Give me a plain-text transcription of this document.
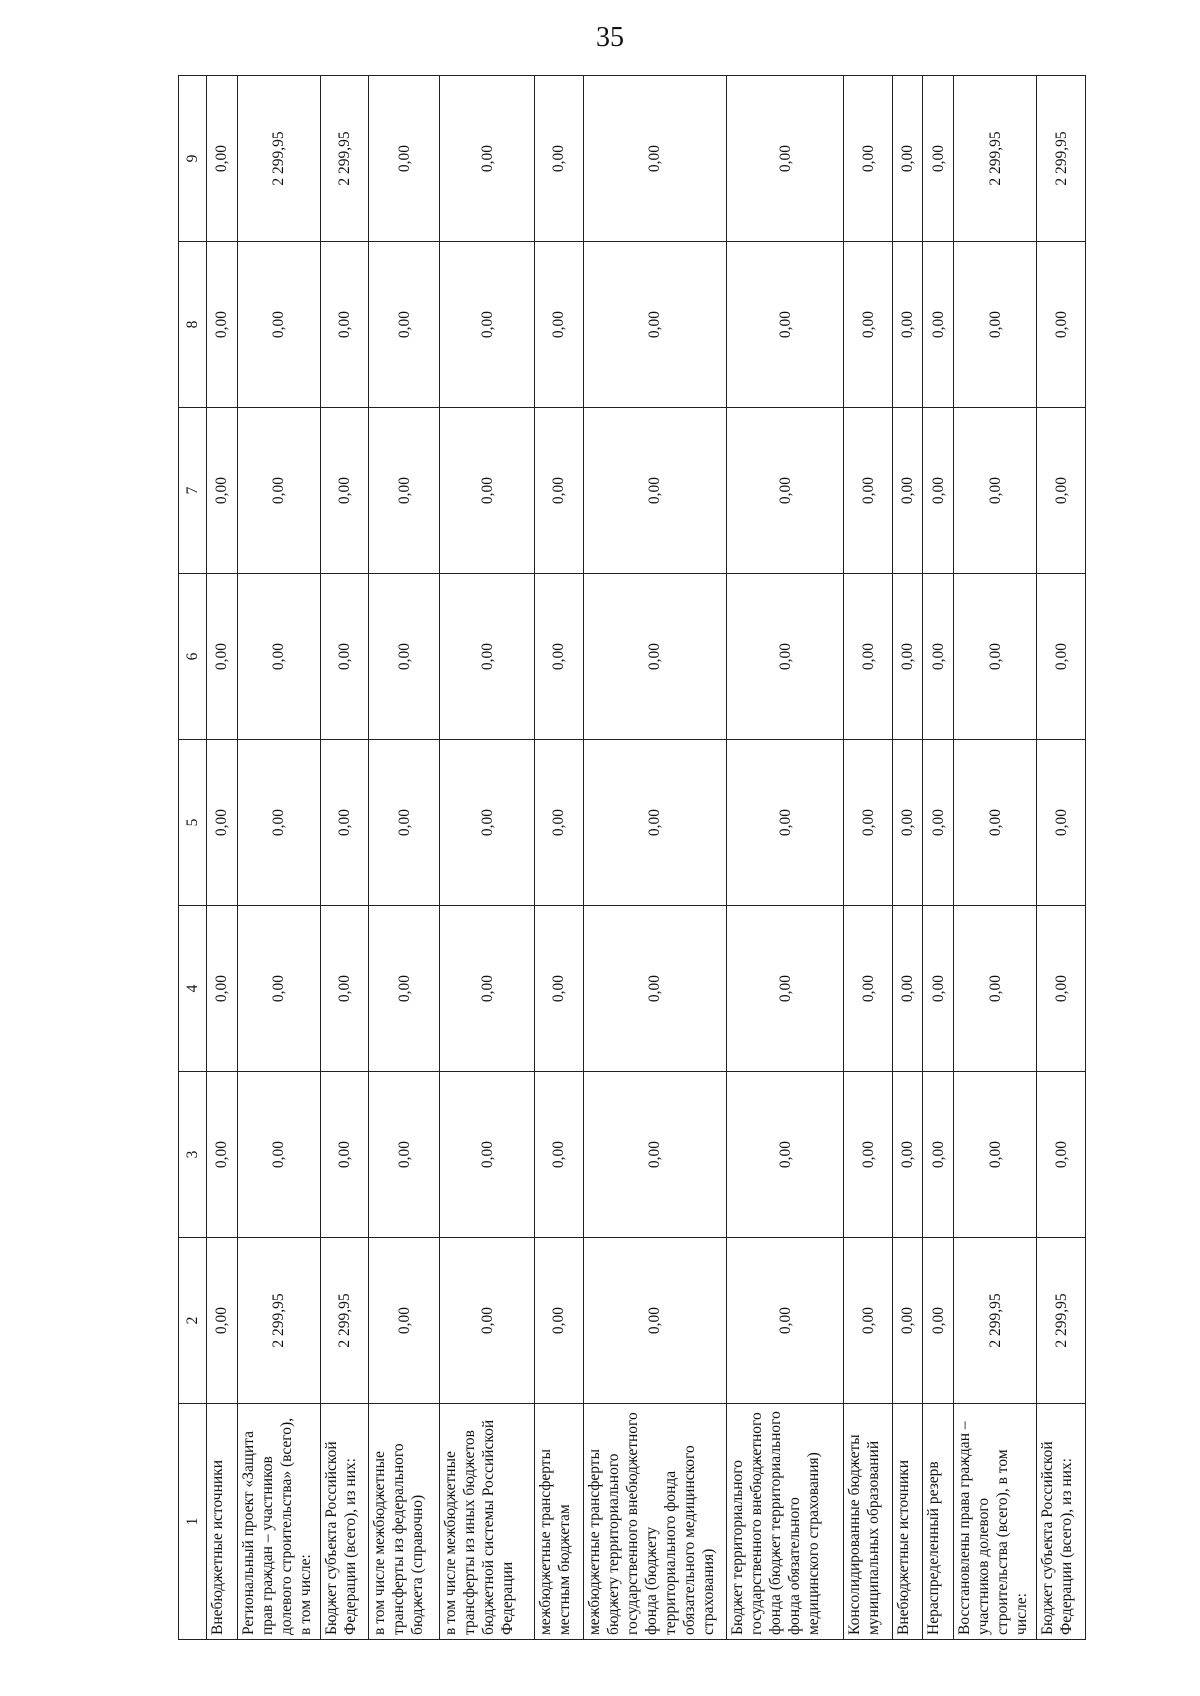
35
1	2	3	4	5	6	7	8	9
Внебюджетные источники	0,00	0,00	0,00	0,00	0,00	0,00	0,00	0,00
Региональный проект «Защита прав граждан – участников долевого строительства» (всего), в том числе:	2 299,95	0,00	0,00	0,00	0,00	0,00	0,00	2 299,95
Бюджет субъекта Российской Федерации (всего), из них:	2 299,95	0,00	0,00	0,00	0,00	0,00	0,00	2 299,95
в том числе межбюджетные трансферты из федерального бюджета (справочно)	0,00	0,00	0,00	0,00	0,00	0,00	0,00	0,00
в том числе межбюджетные трансферты из иных бюджетов бюджетной системы Российской Федерации	0,00	0,00	0,00	0,00	0,00	0,00	0,00	0,00
межбюджетные трансферты местным бюджетам	0,00	0,00	0,00	0,00	0,00	0,00	0,00	0,00
межбюджетные трансферты бюджету территориального государственного внебюджетного фонда (бюджету территориального фонда обязательного медицинского страхования)	0,00	0,00	0,00	0,00	0,00	0,00	0,00	0,00
Бюджет территориального государственного внебюджетного фонда (бюджет территориального фонда обязательного медицинского страхования)	0,00	0,00	0,00	0,00	0,00	0,00	0,00	0,00
Консолидированные бюджеты муниципальных образований	0,00	0,00	0,00	0,00	0,00	0,00	0,00	0,00
Внебюджетные источники	0,00	0,00	0,00	0,00	0,00	0,00	0,00	0,00
Нераспределенный резерв	0,00	0,00	0,00	0,00	0,00	0,00	0,00	0,00
Восстановлены права граждан – участников долевого строительства (всего), в том числе:	2 299,95	0,00	0,00	0,00	0,00	0,00	0,00	2 299,95
Бюджет субъекта Российской Федерации (всего), из них:	2 299,95	0,00	0,00	0,00	0,00	0,00	0,00	2 299,95
